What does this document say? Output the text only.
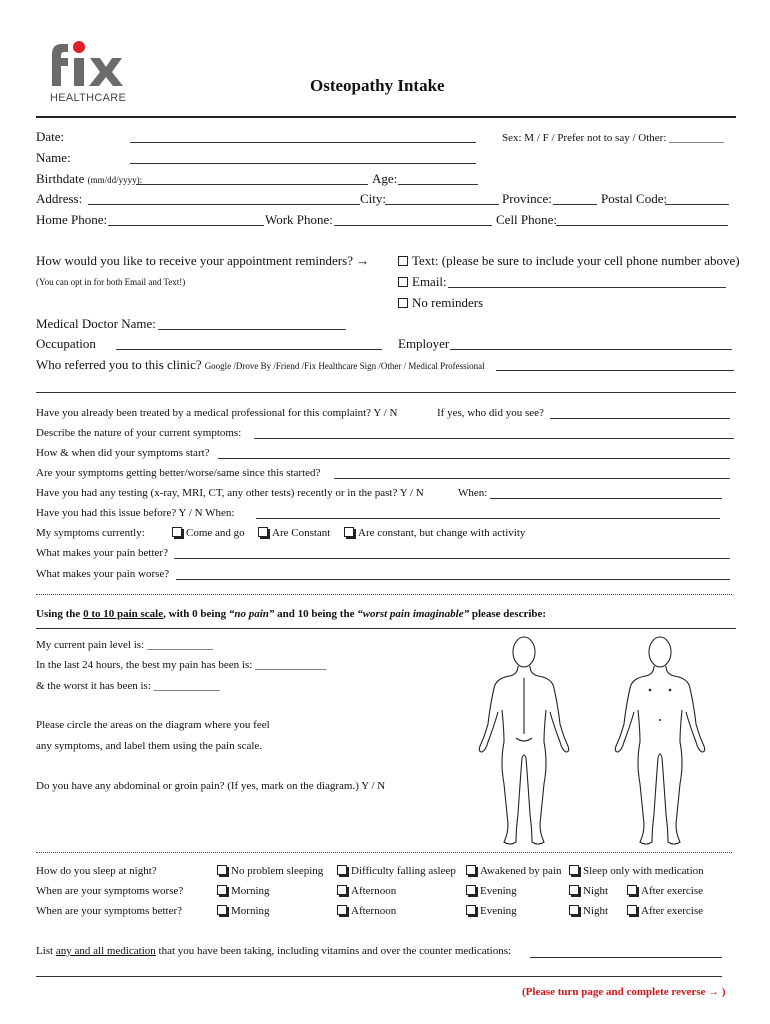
HEALTHCARE
Osteopathy Intake
Date:	Sex: M / F / Prefer not to say / Other: __________
Name:
Birthdate (mm/dd/yyyy):	Age:
Address:	City:	Province:	Postal Code:
Home Phone:	Work Phone:	Cell Phone:
How would you like to receive your appointment reminders? →
(You can opt in for both Email and Text!)
Text: (please be sure to include your cell phone number above)
Email:
No reminders
Medical Doctor Name:
Occupation	Employer
Who referred you to this clinic? Google /Drove By /Friend /Fix Healthcare Sign /Other / Medical Professional
Have you already been treated by a medical professional for this complaint? Y / N	If yes, who did you see?
Describe the nature of your current symptoms:
How & when did your symptoms start?
Are your symptoms getting better/worse/same since this started?
Have you had any testing (x-ray, MRI, CT, any other tests) recently or in the past? Y / N	When:
Have you had this issue before? Y / N When:
My symptoms currently:	Come and go	Are Constant	Are constant, but change with activity
What makes your pain better?
What makes your pain worse?
Using the 0 to 10 pain scale, with 0 being “no pain” and 10 being the “worst pain imaginable” please describe:
My current pain level is: ____________
In the last 24 hours, the best my pain has been is: _____________
& the worst it has been is: ____________
Please circle the areas on the diagram where you feel
any symptoms, and label them using the pain scale.
Do you have any abdominal or groin pain? (If yes, mark on the diagram.) Y / N
How do you sleep at night?	No problem sleeping	Difficulty falling asleep	Awakened by pain	Sleep only with medication
When are your symptoms worse?	Morning	Afternoon	Evening	Night	After exercise
When are your symptoms better?	Morning	Afternoon	Evening	Night	After exercise
List any and all medication that you have been taking, including vitamins and over the counter medications:
(Please turn page and complete reverse → )
